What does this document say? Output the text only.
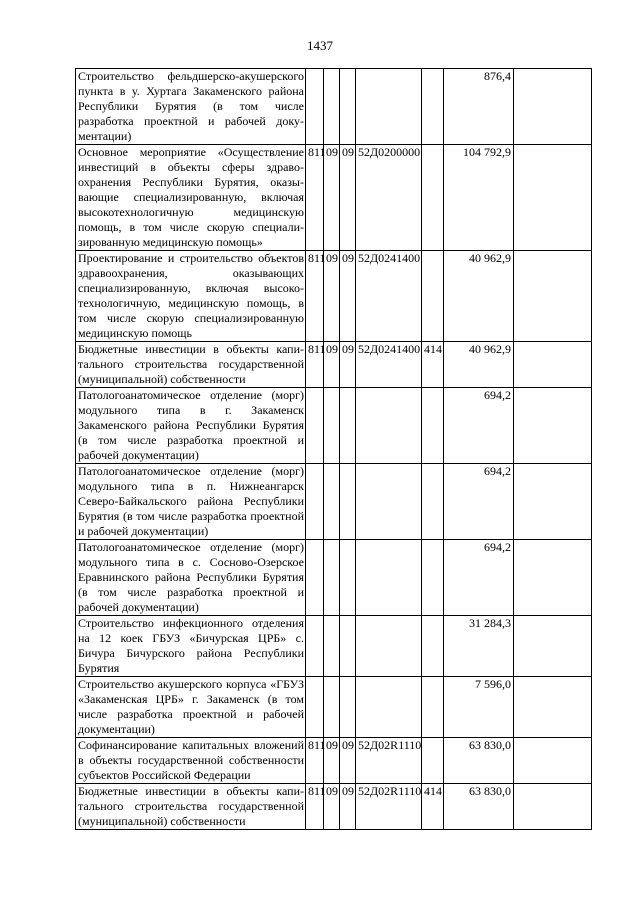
1437
Строительство фельдшерско-акушерского пункта в у. Хуртага Закаменского района Республики Бурятия (в том числе разработка проектной и рабочей документации)						876,4	
Основное мероприятие «Осуществление инвестиций в объекты сферы здравоохранения Республики Бурятия, оказывающие специализированную, включая высокотехнологичную медицинскую помощь, в том числе скорую специализированную медицинскую помощь»	811	09	09	52Д0200000		104 792,9	
Проектирование и строительство объектов здравоохранения, оказывающих специализированную, включая высокотехнологичную, медицинскую помощь, в том числе скорую специализированную медицинскую помощь	811	09	09	52Д0241400		40 962,9	
Бюджетные инвестиции в объекты капитального строительства государственной (муниципальной) собственности	811	09	09	52Д0241400	414	40 962,9	
Патологоанатомическое отделение (морг) модульного типа в г. Закаменск Закаменского района Республики Бурятия (в том числе разработка проектной и рабочей документации)						694,2	
Патологоанатомическое отделение (морг) модульного типа в п. Нижнеангарск Северо-Байкальского района Республики Бурятия (в том числе разработка проектной и рабочей документации)						694,2	
Патологоанатомическое отделение (морг) модульного типа в с. Сосново-Озерское Еравнинского района Республики Бурятия (в том числе разработка проектной и рабочей документации)						694,2	
Строительство инфекционного отделения на 12 коек ГБУЗ «Бичурская ЦРБ» с. Бичура Бичурского района Республики Бурятия						31 284,3	
Строительство акушерского корпуса «ГБУЗ «Закаменская ЦРБ» г. Закаменск (в том числе разработка проектной и рабочей документации)						7 596,0	
Софинансирование капитальных вложений в объекты государственной собственности субъектов Российской Федерации	811	09	09	52Д02R1110		63 830,0	
Бюджетные инвестиции в объекты капитального строительства государственной (муниципальной) собственности	811	09	09	52Д02R1110	414	63 830,0	
